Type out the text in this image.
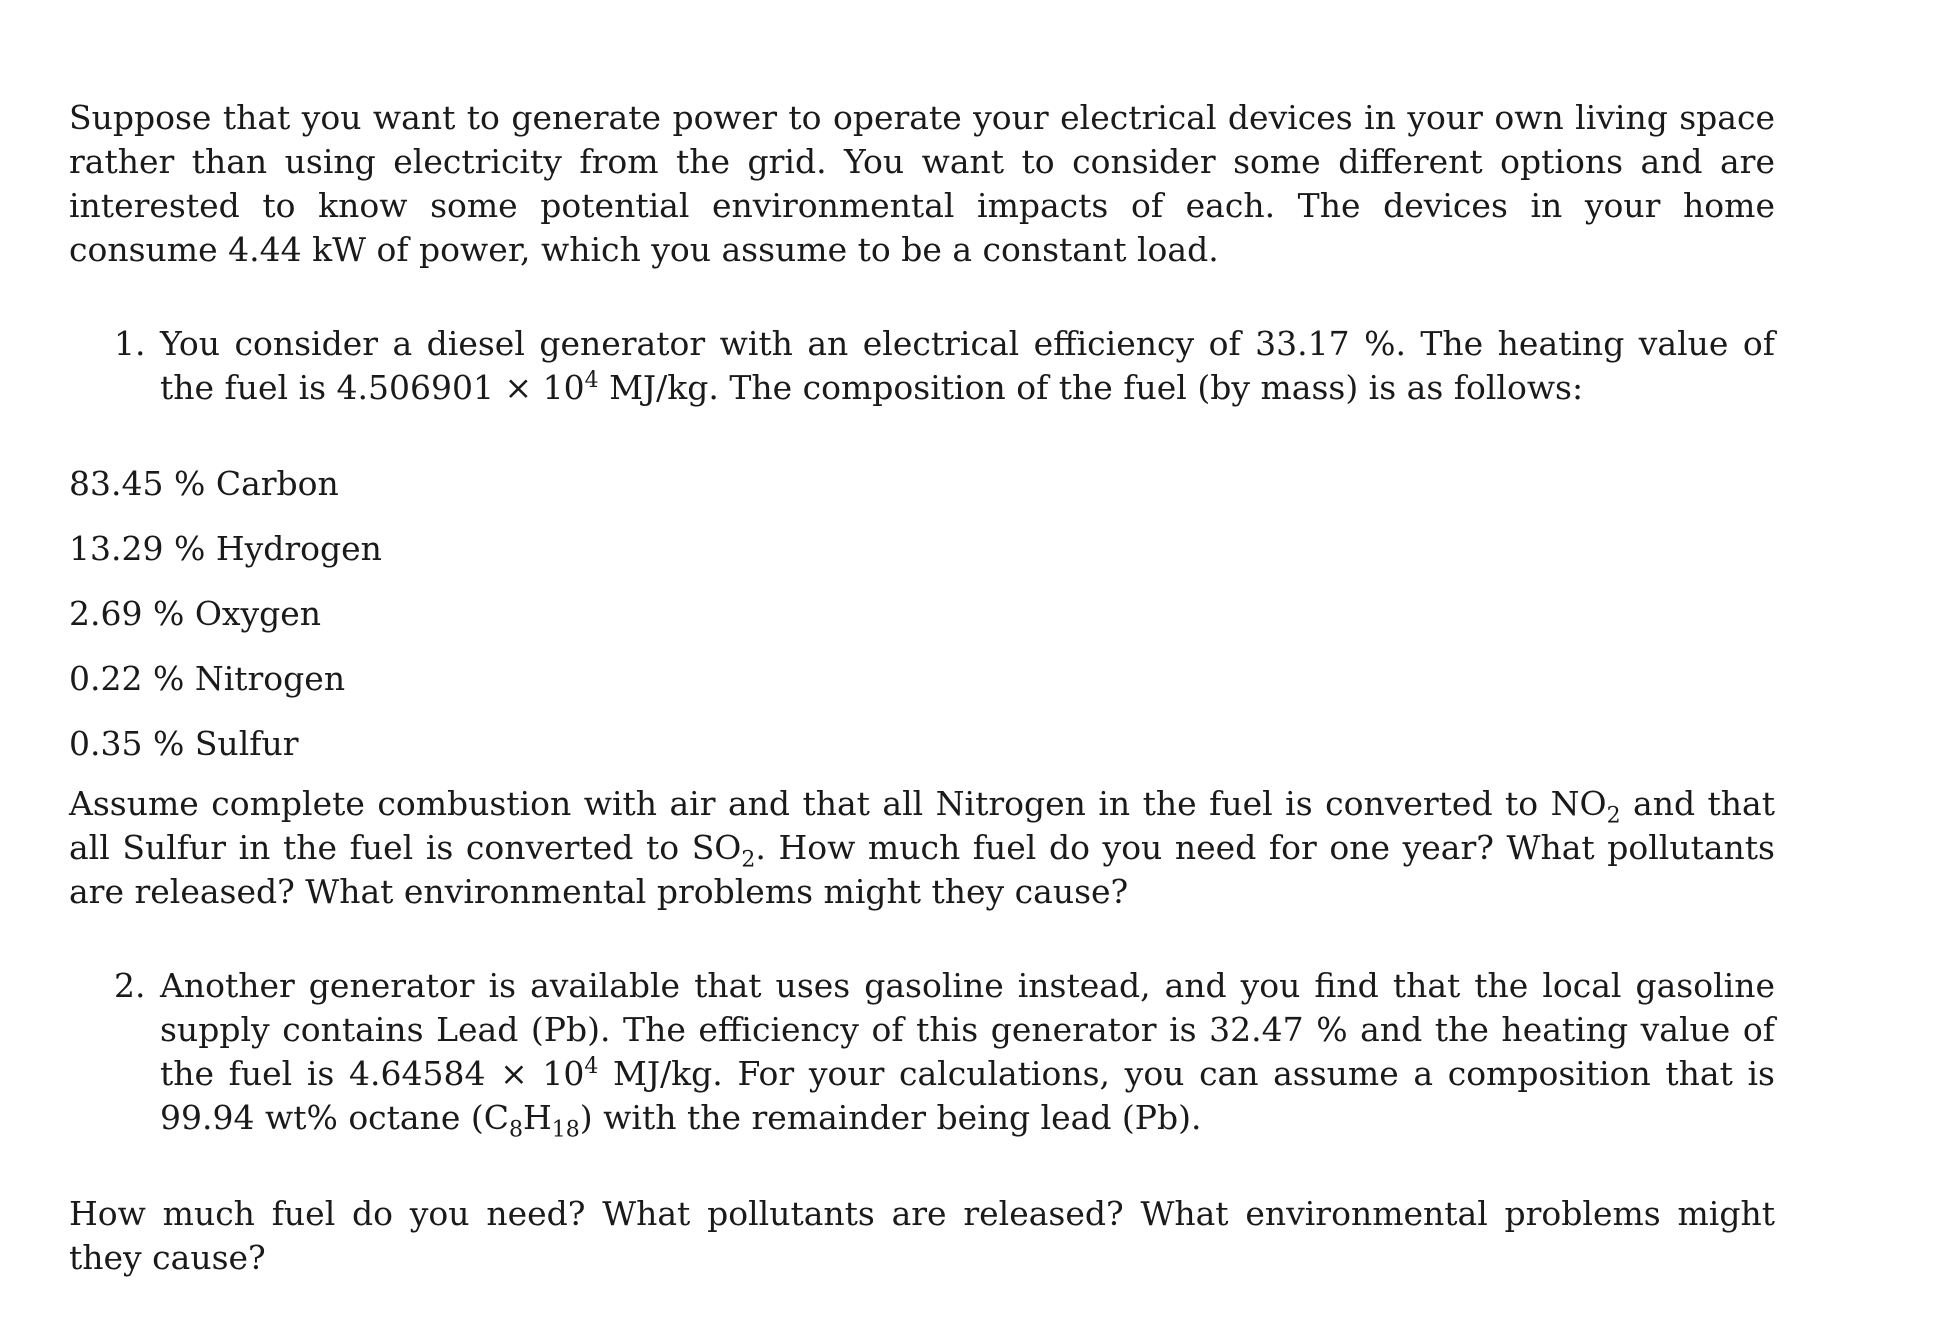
Suppose that you want to generate power to operate your electrical devices in your own living space rather than using electricity from the grid. You want to consider some different options and are interested to know some potential environmental impacts of each. The devices in your home consume 4.44 kW of power, which you assume to be a constant load.

1. You consider a diesel generator with an electrical efficiency of 33.17 %. The heating value of the fuel is $4.506901 \times 10^4$ MJ/kg. The composition of the fuel (by mass) is as follows:

83.45 % Carbon
13.29 % Hydrogen
2.69 % Oxygen
0.22 % Nitrogen
0.35 % Sulfur

Assume complete combustion with air and that all Nitrogen in the fuel is converted to $NO_2$ and that all Sulfur in the fuel is converted to $SO_2$. How much fuel do you need for one year? What pollutants are released? What environmental problems might they cause?

2. Another generator is available that uses gasoline instead, and you find that the local gasoline supply contains Lead (Pb). The efficiency of this generator is 32.47 % and the heating value of the fuel is $4.64584 \times 10^4$ MJ/kg. For your calculations, you can assume a composition that is 99.94 wt% octane $(C_8H_{18})$ with the remainder being lead (Pb).

How much fuel do you need? What pollutants are released? What environmental problems might they cause?
